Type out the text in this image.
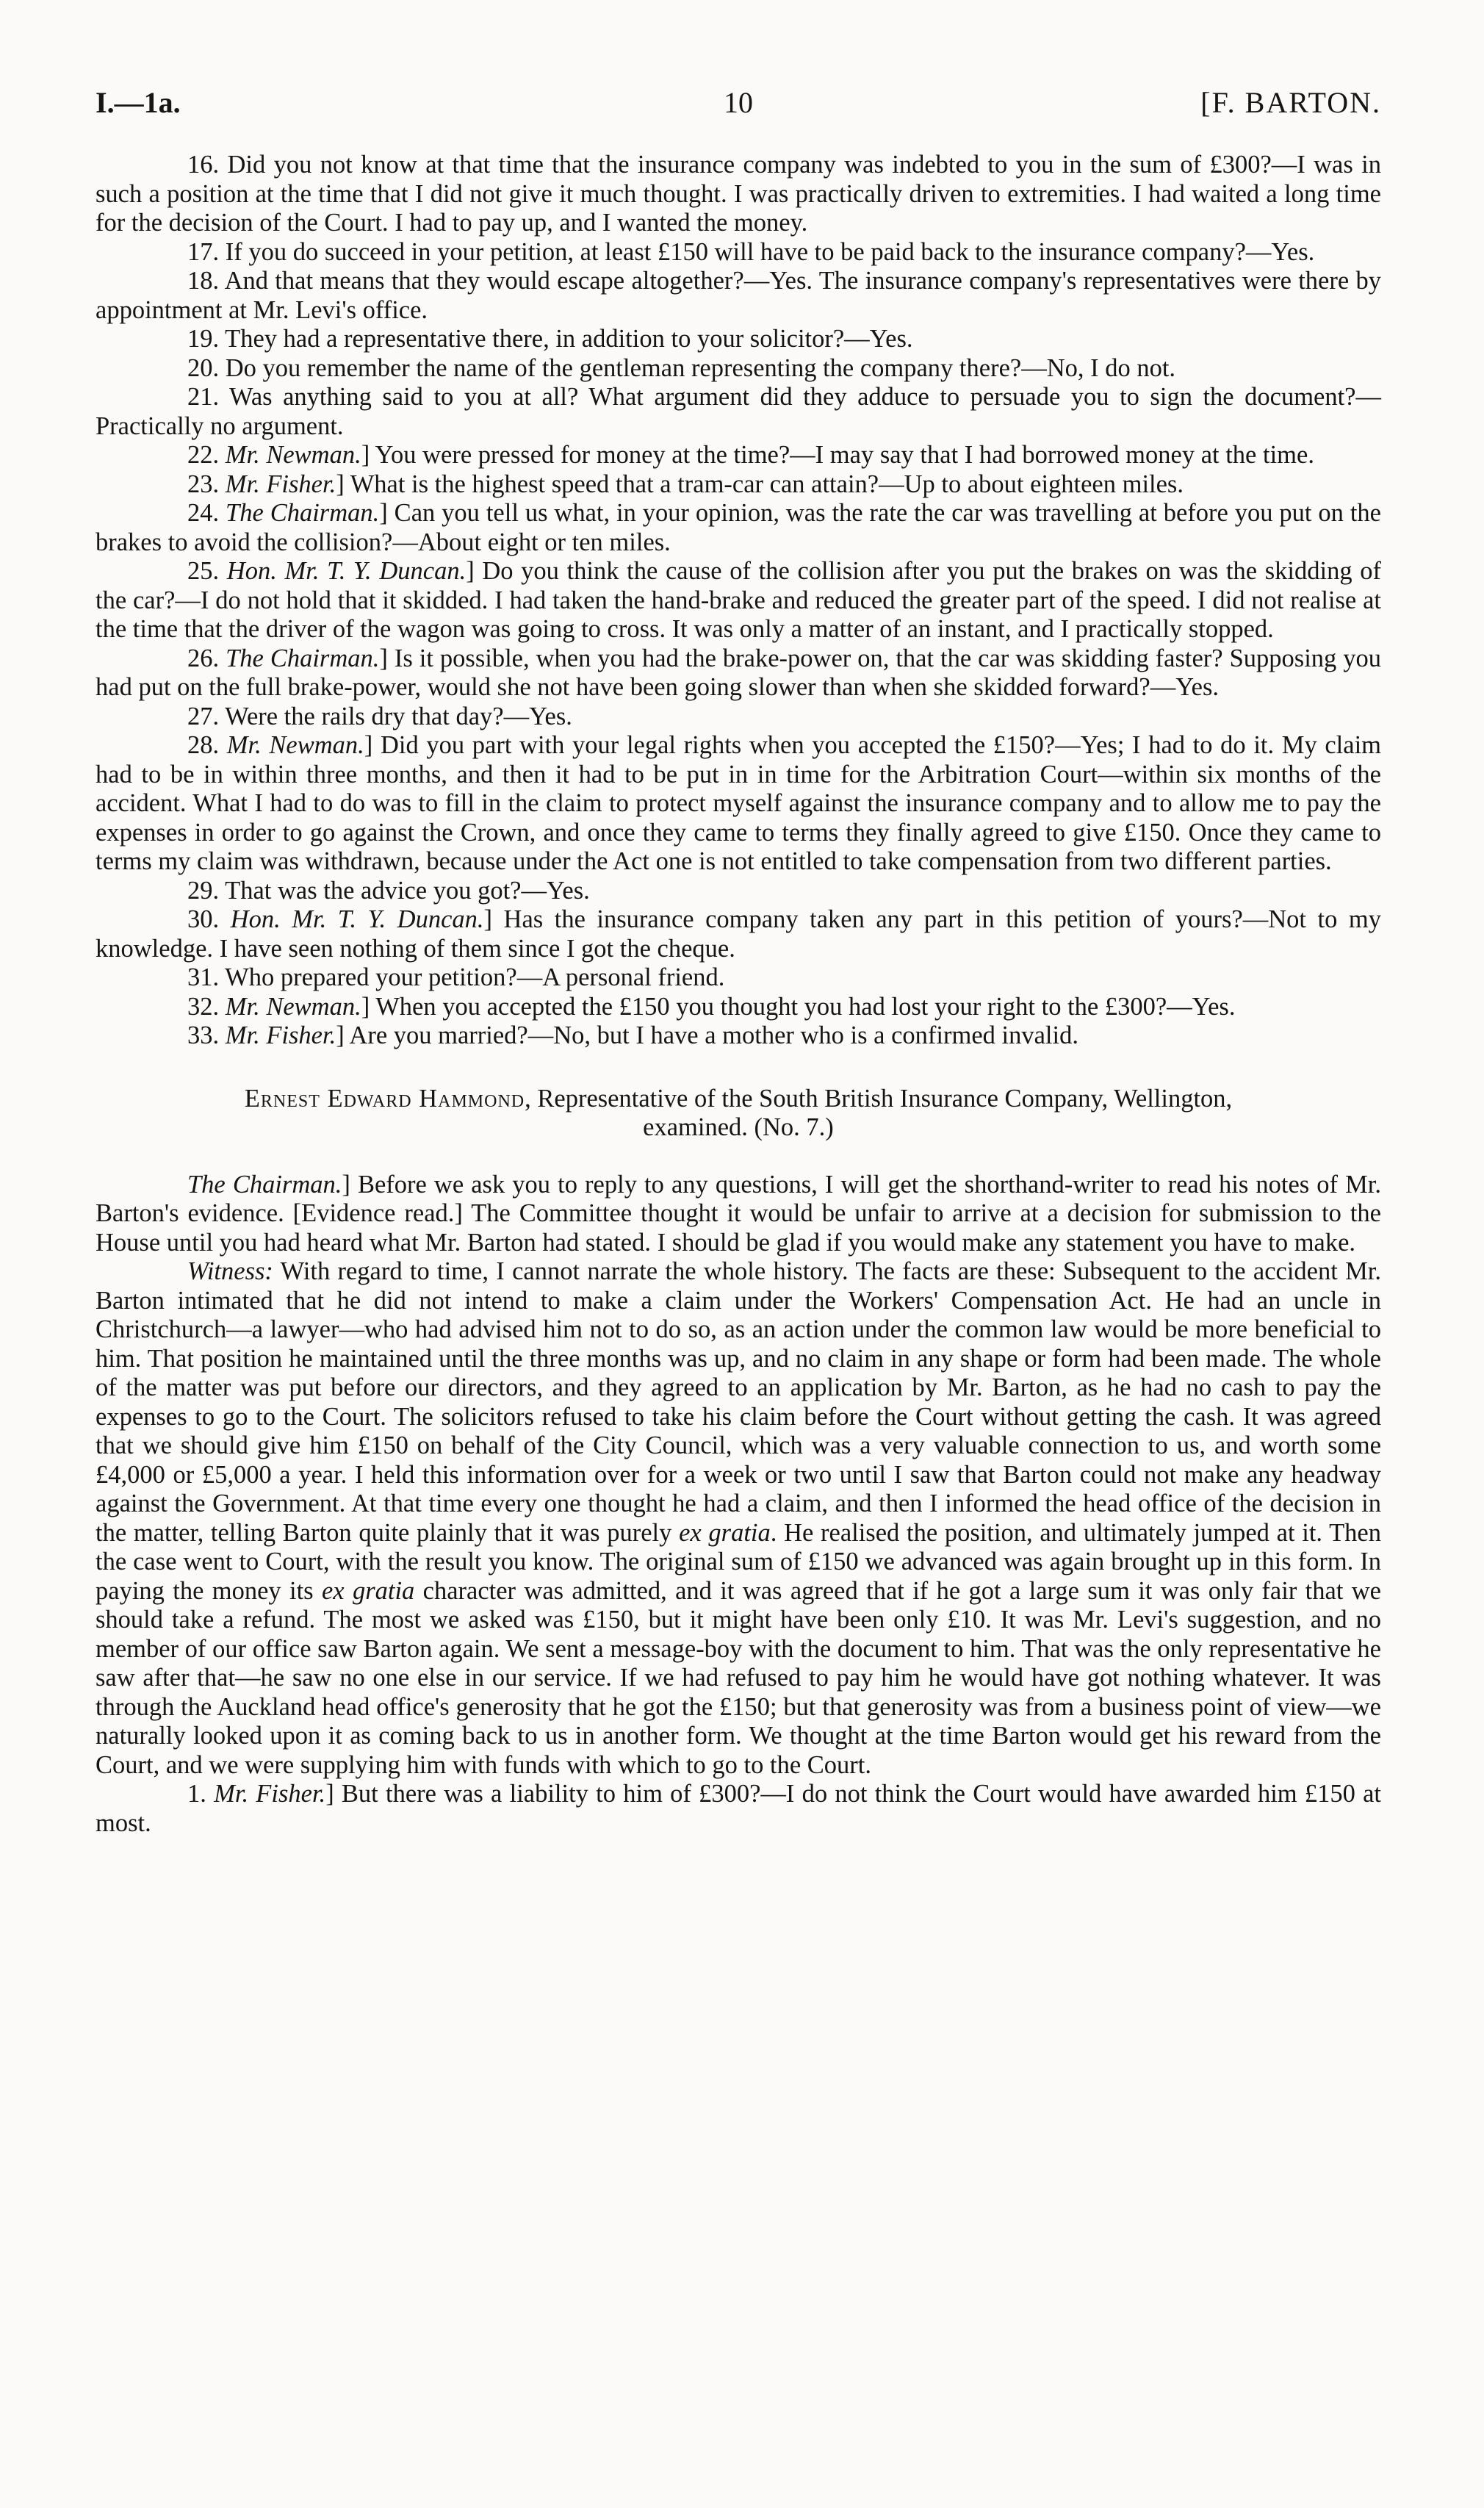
I.—1a.	10	[F. BARTON.

16. Did you not know at that time that the insurance company was indebted to you in the sum of £300?—I was in such a position at the time that I did not give it much thought. I was practically driven to extremities. I had waited a long time for the decision of the Court. I had to pay up, and I wanted the money.

17. If you do succeed in your petition, at least £150 will have to be paid back to the insurance company?—Yes.

18. And that means that they would escape altogether?—Yes. The insurance company's representatives were there by appointment at Mr. Levi's office.

19. They had a representative there, in addition to your solicitor?—Yes.

20. Do you remember the name of the gentleman representing the company there?—No, I do not.

21. Was anything said to you at all? What argument did they adduce to persuade you to sign the document?—Practically no argument.

22. Mr. Newman.] You were pressed for money at the time?—I may say that I had borrowed money at the time.

23. Mr. Fisher.] What is the highest speed that a tram-car can attain?—Up to about eighteen miles.

24. The Chairman.] Can you tell us what, in your opinion, was the rate the car was travelling at before you put on the brakes to avoid the collision?—About eight or ten miles.

25. Hon. Mr. T. Y. Duncan.] Do you think the cause of the collision after you put the brakes on was the skidding of the car?—I do not hold that it skidded. I had taken the hand-brake and reduced the greater part of the speed. I did not realise at the time that the driver of the wagon was going to cross. It was only a matter of an instant, and I practically stopped.

26. The Chairman.] Is it possible, when you had the brake-power on, that the car was skidding faster? Supposing you had put on the full brake-power, would she not have been going slower than when she skidded forward?—Yes.

27. Were the rails dry that day?—Yes.

28. Mr. Newman.] Did you part with your legal rights when you accepted the £150?—Yes; I had to do it. My claim had to be in within three months, and then it had to be put in in time for the Arbitration Court—within six months of the accident. What I had to do was to fill in the claim to protect myself against the insurance company and to allow me to pay the expenses in order to go against the Crown, and once they came to terms they finally agreed to give £150. Once they came to terms my claim was withdrawn, because under the Act one is not entitled to take compensation from two different parties.

29. That was the advice you got?—Yes.

30. Hon. Mr. T. Y. Duncan.] Has the insurance company taken any part in this petition of yours?—Not to my knowledge. I have seen nothing of them since I got the cheque.

31. Who prepared your petition?—A personal friend.

32. Mr. Newman.] When you accepted the £150 you thought you had lost your right to the £300?—Yes.

33. Mr. Fisher.] Are you married?—No, but I have a mother who is a confirmed invalid.

Ernest Edward Hammond, Representative of the South British Insurance Company, Wellington,
examined. (No. 7.)

The Chairman.] Before we ask you to reply to any questions, I will get the shorthand-writer to read his notes of Mr. Barton's evidence. [Evidence read.] The Committee thought it would be unfair to arrive at a decision for submission to the House until you had heard what Mr. Barton had stated. I should be glad if you would make any statement you have to make.

Witness: With regard to time, I cannot narrate the whole history. The facts are these: Subsequent to the accident Mr. Barton intimated that he did not intend to make a claim under the Workers' Compensation Act. He had an uncle in Christchurch—a lawyer—who had advised him not to do so, as an action under the common law would be more beneficial to him. That position he maintained until the three months was up, and no claim in any shape or form had been made. The whole of the matter was put before our directors, and they agreed to an application by Mr. Barton, as he had no cash to pay the expenses to go to the Court. The solicitors refused to take his claim before the Court without getting the cash. It was agreed that we should give him £150 on behalf of the City Council, which was a very valuable connection to us, and worth some £4,000 or £5,000 a year. I held this information over for a week or two until I saw that Barton could not make any headway against the Government. At that time every one thought he had a claim, and then I informed the head office of the decision in the matter, telling Barton quite plainly that it was purely ex gratia. He realised the position, and ultimately jumped at it. Then the case went to Court, with the result you know. The original sum of £150 we advanced was again brought up in this form. In paying the money its ex gratia character was admitted, and it was agreed that if he got a large sum it was only fair that we should take a refund. The most we asked was £150, but it might have been only £10. It was Mr. Levi's suggestion, and no member of our office saw Barton again. We sent a message-boy with the document to him. That was the only representative he saw after that—he saw no one else in our service. If we had refused to pay him he would have got nothing whatever. It was through the Auckland head office's generosity that he got the £150; but that generosity was from a business point of view—we naturally looked upon it as coming back to us in another form. We thought at the time Barton would get his reward from the Court, and we were supplying him with funds with which to go to the Court.

1. Mr. Fisher.] But there was a liability to him of £300?—I do not think the Court would have awarded him £150 at most.
